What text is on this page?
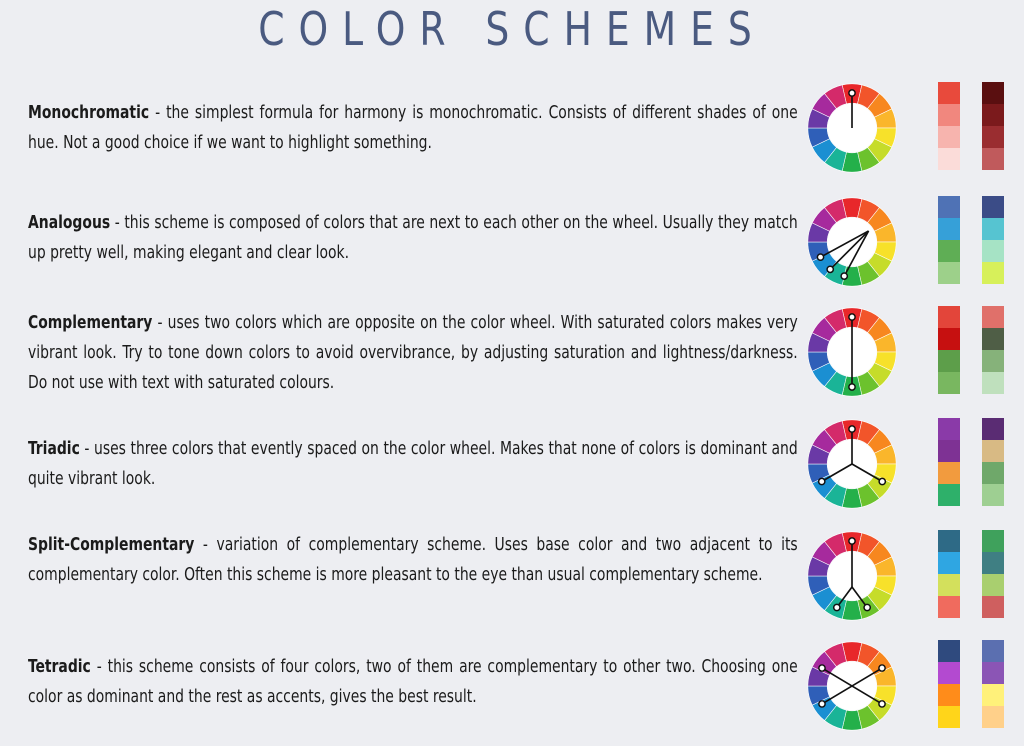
COLOR SCHEMES
Monochromatic - the simplest formula for harmony is monochromatic. Consists of different shades of one hue. Not a good choice if we want to highlight something.
Analogous - this scheme is composed of colors that are next to each other on the wheel. Usually they match up pretty well, making elegant and clear look.
Complementary - uses two colors which are opposite on the color wheel. With saturated colors makes very vibrant look. Try to tone down colors to avoid overvibrance, by adjusting saturation and lightness/darkness. Do not use with text with saturated colours.
Triadic - uses three colors that evently spaced on the color wheel. Makes that none of colors is dominant and quite vibrant look.
Split-Complementary - variation of complementary scheme. Uses base color and two adjacent to its complementary color. Often this scheme is more pleasant to the eye than usual complementary scheme.
Tetradic - this scheme consists of four colors, two of them are complementary to other two. Choosing one color as dominant and the rest as accents, gives the best result.
